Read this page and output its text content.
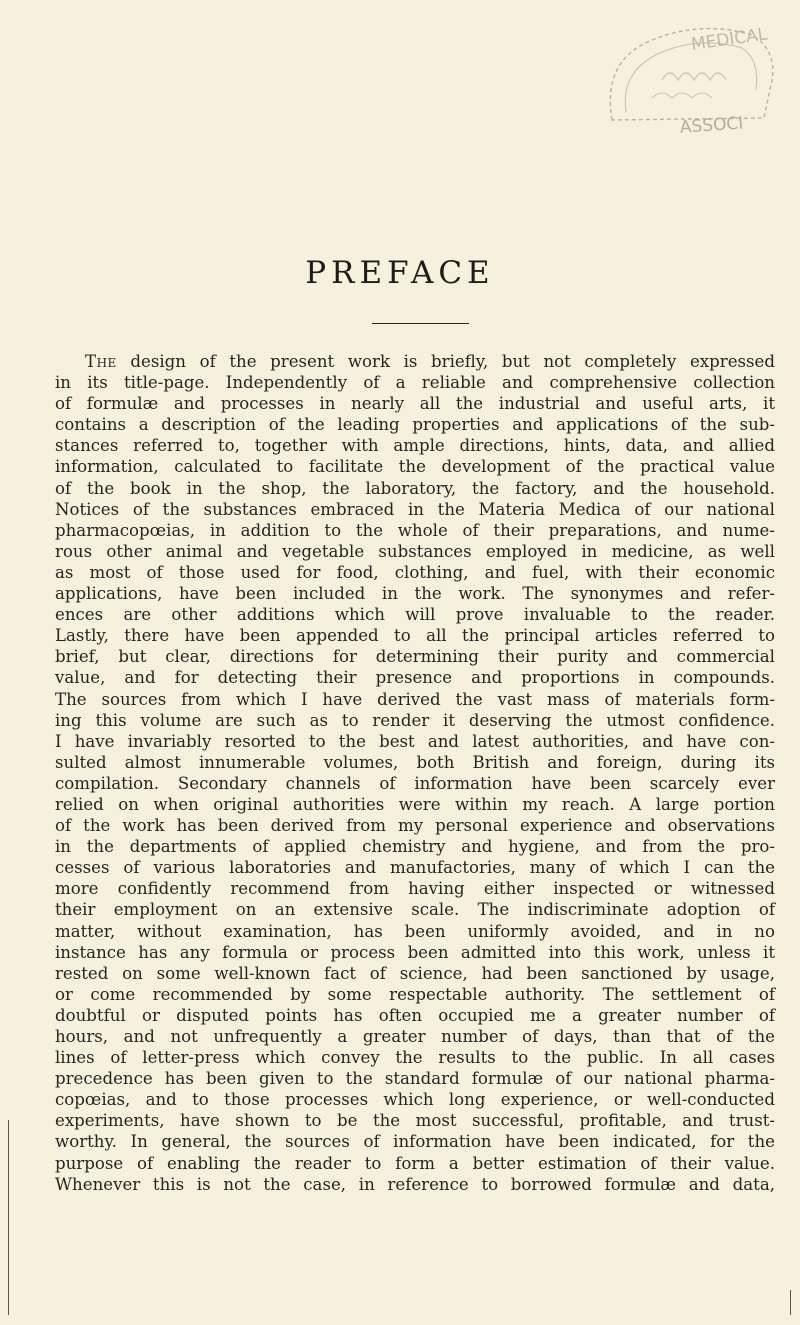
MEDICAL
ASSOCI
PREFACE
The design of the present work is briefly, but not completely expressed
in its title-page. Independently of a reliable and comprehensive collection
of formulæ and processes in nearly all the industrial and useful arts, it
contains a description of the leading properties and applications of the sub-
stances referred to, together with ample directions, hints, data, and allied
information, calculated to facilitate the development of the practical value
of the book in the shop, the laboratory, the factory, and the household.
Notices of the substances embraced in the Materia Medica of our national
pharmacopœias, in addition to the whole of their preparations, and nume-
rous other animal and vegetable substances employed in medicine, as well
as most of those used for food, clothing, and fuel, with their economic
applications, have been included in the work. The synonymes and refer-
ences are other additions which will prove invaluable to the reader.
Lastly, there have been appended to all the principal articles referred to
brief, but clear, directions for determining their purity and commercial
value, and for detecting their presence and proportions in compounds.
The sources from which I have derived the vast mass of materials form-
ing this volume are such as to render it deserving the utmost confidence.
I have invariably resorted to the best and latest authorities, and have con-
sulted almost innumerable volumes, both British and foreign, during its
compilation. Secondary channels of information have been scarcely ever
relied on when original authorities were within my reach. A large portion
of the work has been derived from my personal experience and observations
in the departments of applied chemistry and hygiene, and from the pro-
cesses of various laboratories and manufactories, many of which I can the
more confidently recommend from having either inspected or witnessed
their employment on an extensive scale. The indiscriminate adoption of
matter, without examination, has been uniformly avoided, and in no
instance has any formula or process been admitted into this work, unless it
rested on some well-known fact of science, had been sanctioned by usage,
or come recommended by some respectable authority. The settlement of
doubtful or disputed points has often occupied me a greater number of
hours, and not unfrequently a greater number of days, than that of the
lines of letter-press which convey the results to the public. In all cases
precedence has been given to the standard formulæ of our national pharma-
copœias, and to those processes which long experience, or well-conducted
experiments, have shown to be the most successful, profitable, and trust-
worthy. In general, the sources of information have been indicated, for the
purpose of enabling the reader to form a better estimation of their value.
Whenever this is not the case, in reference to borrowed formulæ and data,
